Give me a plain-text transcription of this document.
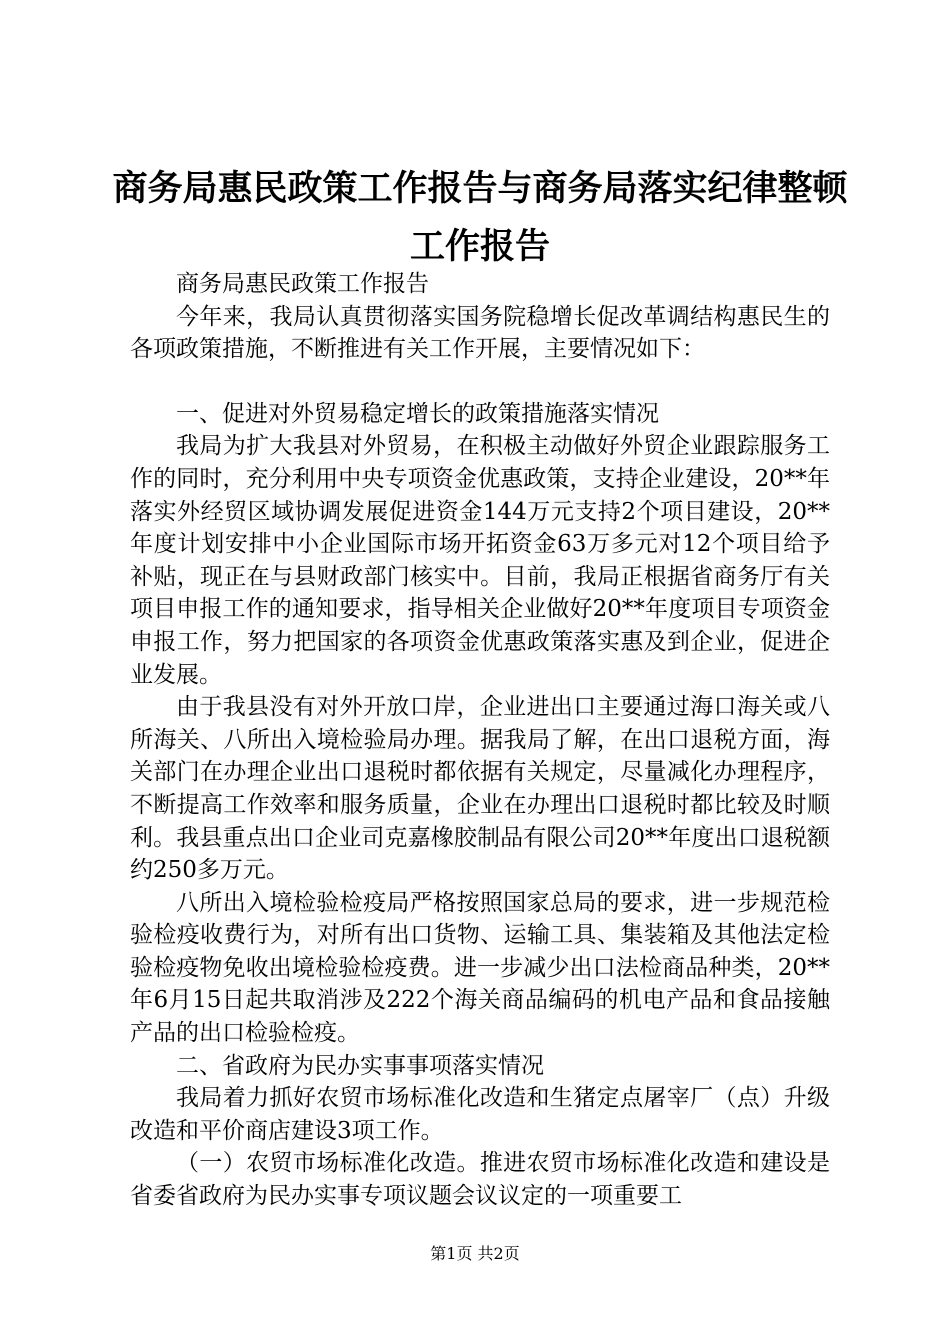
商务局惠民政策工作报告与商务局落实纪律整顿工作报告

商务局惠民政策工作报告

今年来，我局认真贯彻落实国务院稳增长促改革调结构惠民生的各项政策措施，不断推进有关工作开展，主要情况如下：

一、促进对外贸易稳定增长的政策措施落实情况

我局为扩大我县对外贸易，在积极主动做好外贸企业跟踪服务工作的同时，充分利用中央专项资金优惠政策，支持企业建设，20**年落实外经贸区域协调发展促进资金144万元支持2个项目建设，20**年度计划安排中小企业国际市场开拓资金63万多元对12个项目给予补贴，现正在与县财政部门核实中。目前，我局正根据省商务厅有关项目申报工作的通知要求，指导相关企业做好20**年度项目专项资金申报工作，努力把国家的各项资金优惠政策落实惠及到企业，促进企业发展。

由于我县没有对外开放口岸，企业进出口主要通过海口海关或八所海关、八所出入境检验局办理。据我局了解，在出口退税方面，海关部门在办理企业出口退税时都依据有关规定，尽量减化办理程序，不断提高工作效率和服务质量，企业在办理出口退税时都比较及时顺利。我县重点出口企业司克嘉橡胶制品有限公司20**年度出口退税额约250多万元。

八所出入境检验检疫局严格按照国家总局的要求，进一步规范检验检疫收费行为，对所有出口货物、运输工具、集装箱及其他法定检验检疫物免收出境检验检疫费。进一步减少出口法检商品种类，20**年6月15日起共取消涉及222个海关商品编码的机电产品和食品接触产品的出口检验检疫。

二、省政府为民办实事事项落实情况

我局着力抓好农贸市场标准化改造和生猪定点屠宰厂（点）升级改造和平价商店建设3项工作。

（一）农贸市场标准化改造。推进农贸市场标准化改造和建设是省委省政府为民办实事专项议题会议议定的一项重要工

第1页 共2页
